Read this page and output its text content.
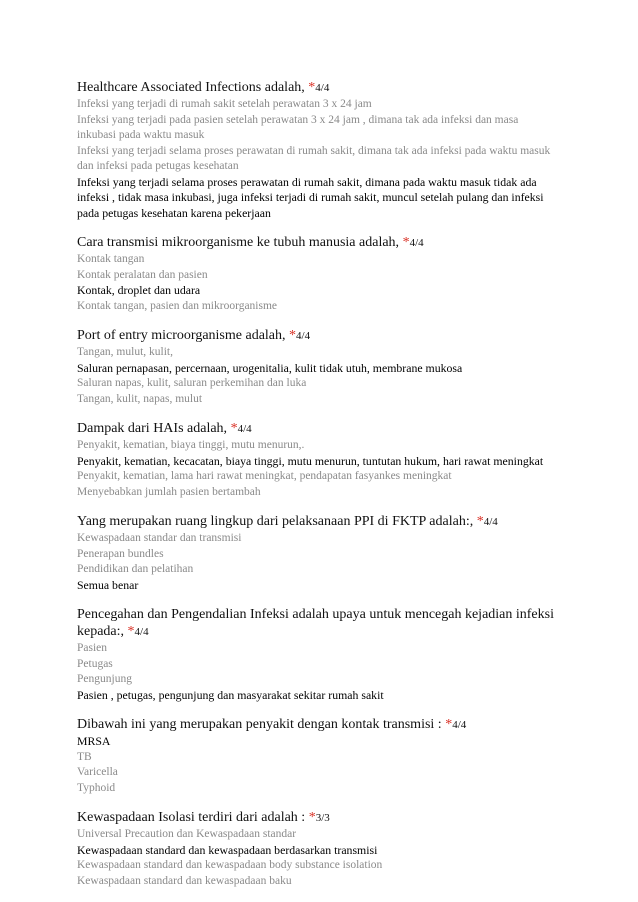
Healthcare Associated Infections adalah, *4/4
Infeksi yang terjadi di rumah sakit setelah perawatan 3 x 24 jam
Infeksi yang terjadi pada pasien setelah perawatan 3 x 24 jam , dimana tak ada infeksi dan masa inkubasi pada waktu masuk
Infeksi yang terjadi selama proses perawatan di rumah sakit, dimana tak ada infeksi pada waktu masuk dan infeksi pada petugas kesehatan
Infeksi yang terjadi selama proses perawatan di rumah sakit, dimana pada waktu masuk tidak ada infeksi , tidak masa inkubasi, juga infeksi terjadi di rumah sakit, muncul setelah pulang dan infeksi pada petugas kesehatan karena pekerjaan
Cara transmisi mikroorganisme ke tubuh manusia adalah, *4/4
Kontak tangan
Kontak peralatan dan pasien
Kontak, droplet dan udara
Kontak tangan, pasien dan mikroorganisme
Port of entry microorganisme adalah, *4/4
Tangan, mulut, kulit,
Saluran pernapasan, percernaan, urogenitalia, kulit tidak utuh, membrane mukosa
Saluran napas, kulit, saluran perkemihan dan luka
Tangan, kulit, napas, mulut
Dampak dari HAIs adalah, *4/4
Penyakit, kematian, biaya tinggi, mutu menurun,.
Penyakit, kematian, kecacatan, biaya tinggi, mutu menurun, tuntutan hukum, hari rawat meningkat
Penyakit, kematian, lama hari rawat meningkat, pendapatan fasyankes meningkat
Menyebabkan jumlah pasien bertambah
Yang merupakan ruang lingkup dari pelaksanaan PPI di FKTP adalah:, *4/4
Kewaspadaan standar dan transmisi
Penerapan bundles
Pendidikan dan pelatihan
Semua benar
Pencegahan dan Pengendalian Infeksi adalah upaya untuk mencegah kejadian infeksi kepada:, *4/4
Pasien
Petugas
Pengunjung
Pasien , petugas, pengunjung dan masyarakat sekitar rumah sakit
Dibawah ini yang merupakan penyakit dengan kontak transmisi : *4/4
MRSA
TB
Varicella
Typhoid
Kewaspadaan Isolasi terdiri dari adalah : *3/3
Universal Precaution dan Kewaspadaan standar
Kewaspadaan standard dan kewaspadaan berdasarkan transmisi
Kewaspadaan standard dan kewaspadaan body substance isolation
Kewaspadaan standard dan kewaspadaan baku
